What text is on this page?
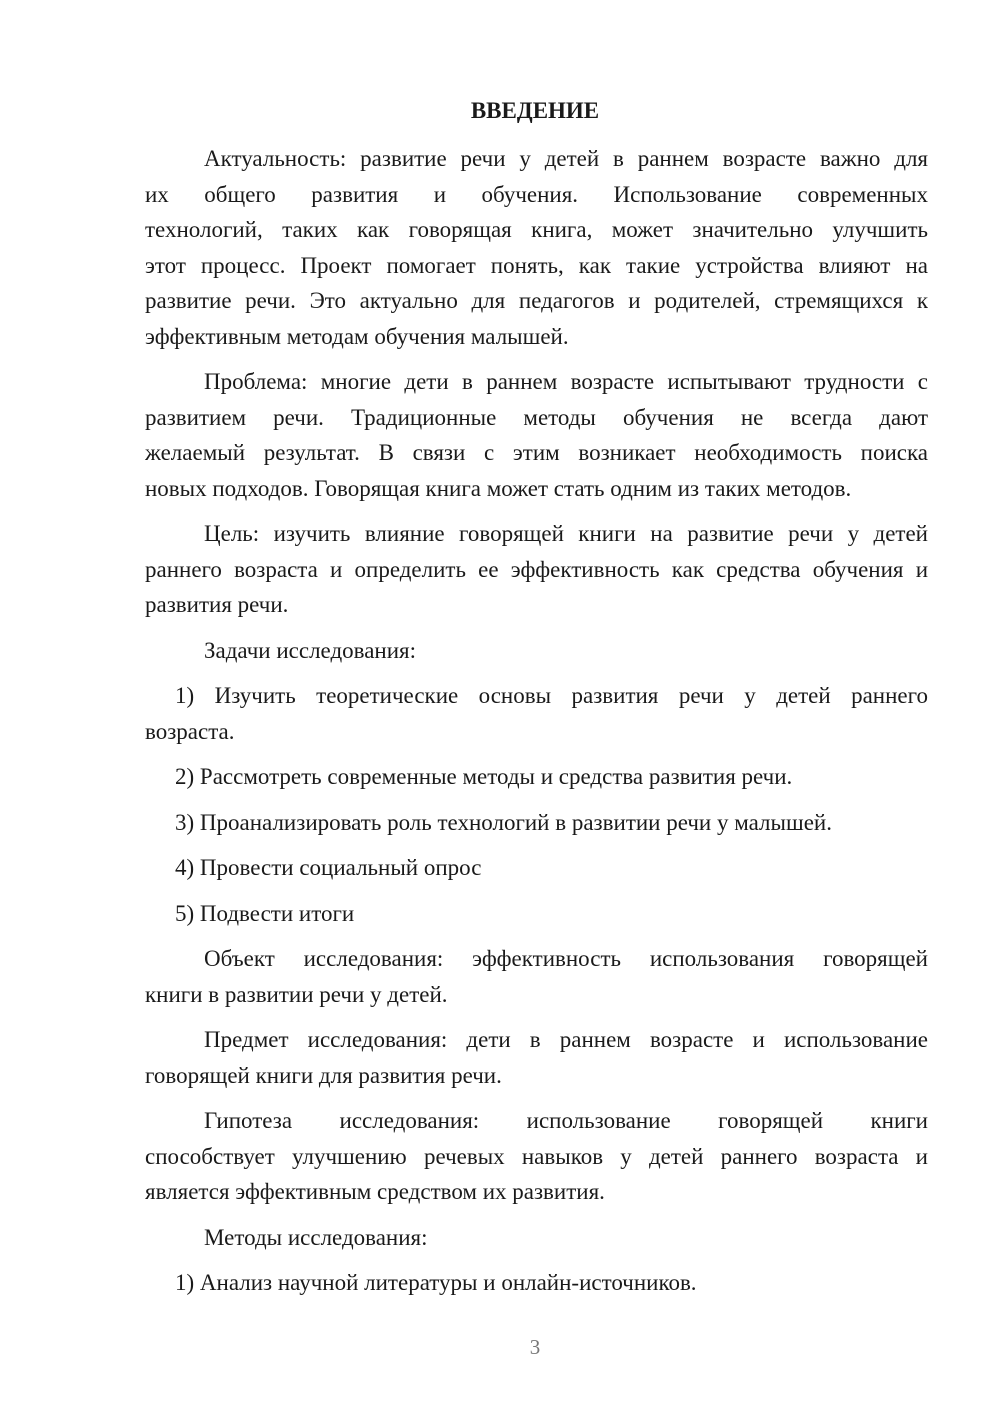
ВВЕДЕНИЕ
Актуальность: развитие речи у детей в раннем возрасте важно для
их общего развития и обучения. Использование современных
технологий, таких как говорящая книга, может значительно улучшить
этот процесс. Проект помогает понять, как такие устройства влияют на
развитие речи. Это актуально для педагогов и родителей, стремящихся к
эффективным методам обучения малышей.
Проблема: многие дети в раннем возрасте испытывают трудности с
развитием речи. Традиционные методы обучения не всегда дают
желаемый результат. В связи с этим возникает необходимость поиска
новых подходов. Говорящая книга может стать одним из таких методов.
Цель: изучить влияние говорящей книги на развитие речи у детей
раннего возраста и определить ее эффективность как средства обучения и
развития речи.
Задачи исследования:
1) Изучить теоретические основы развития речи у детей раннего
возраста.
2) Рассмотреть современные методы и средства развития речи.
3) Проанализировать роль технологий в развитии речи у малышей.
4) Провести социальный опрос
5) Подвести итоги
Объект исследования: эффективность использования говорящей
книги в развитии речи у детей.
Предмет исследования: дети в раннем возрасте и использование
говорящей книги для развития речи.
Гипотеза исследования: использование говорящей книги
способствует улучшению речевых навыков у детей раннего возраста и
является эффективным средством их развития.
Методы исследования:
1) Анализ научной литературы и онлайн-источников.
3
